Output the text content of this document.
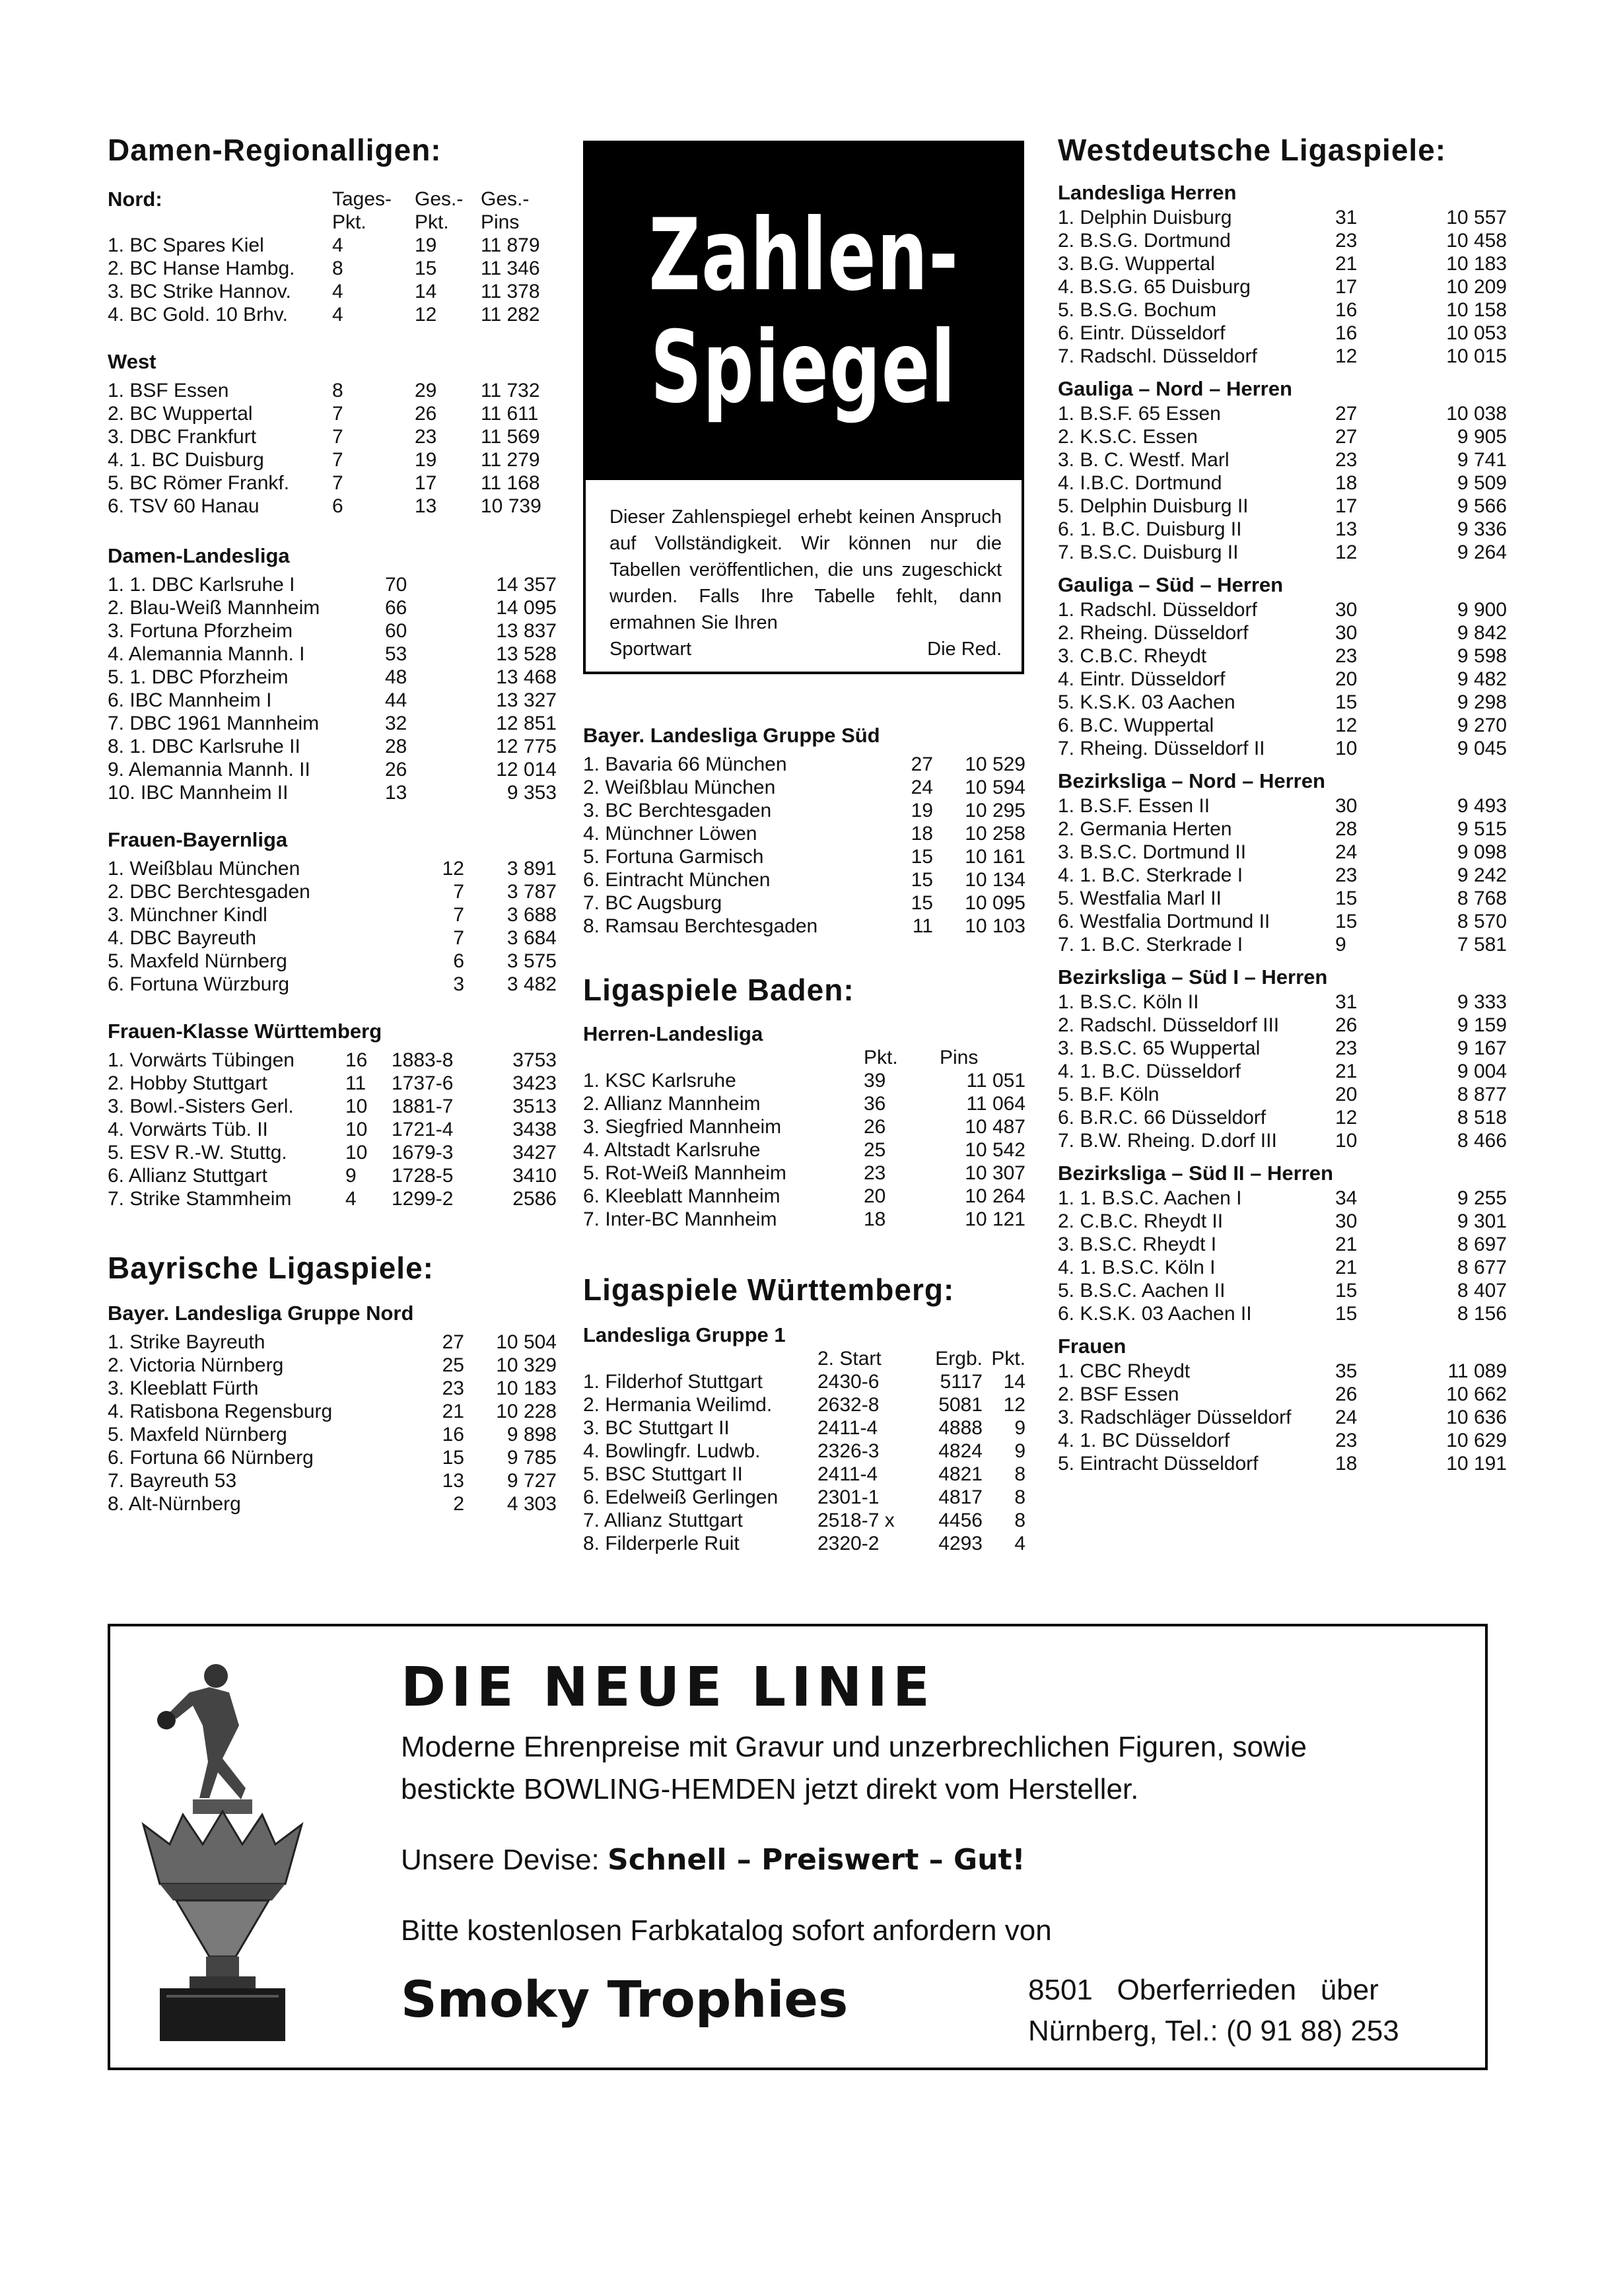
Damen-Regionalligen:
Nord:	Tages-	Ges.-	Ges.-
	Pkt.	Pkt.	Pins
1. BC Spares Kiel	4	19	11 879
2. BC Hanse Hambg.	8	15	11 346
3. BC Strike Hannov.	4	14	11 378
4. BC Gold. 10 Brhv.	4	12	11 282
West
1. BSF Essen	8	29	11 732
2. BC Wuppertal	7	26	11 611
3. DBC Frankfurt	7	23	11 569
4. 1. BC Duisburg	7	19	11 279
5. BC Römer Frankf.	7	17	11 168
6. TSV 60 Hanau	6	13	10 739
Damen-Landesliga
1. 1. DBC Karlsruhe I	70	14 357
2. Blau-Weiß Mannheim	66	14 095
3. Fortuna Pforzheim	60	13 837
4. Alemannia Mannh. I	53	13 528
5. 1. DBC Pforzheim	48	13 468
6. IBC Mannheim I	44	13 327
7. DBC 1961 Mannheim	32	12 851
8. 1. DBC Karlsruhe II	28	12 775
9. Alemannia Mannh. II	26	12 014
10. IBC Mannheim II	13	9 353
Frauen-Bayernliga
1. Weißblau München	12	3 891
2. DBC Berchtesgaden	7	3 787
3. Münchner Kindl	7	3 688
4. DBC Bayreuth	7	3 684
5. Maxfeld Nürnberg	6	3 575
6. Fortuna Würzburg	3	3 482
Frauen-Klasse Württemberg
1. Vorwärts Tübingen	16	1883-8	3753
2. Hobby Stuttgart	11	1737-6	3423
3. Bowl.-Sisters Gerl.	10	1881-7	3513
4. Vorwärts Tüb. II	10	1721-4	3438
5. ESV R.-W. Stuttg.	10	1679-3	3427
6. Allianz Stuttgart	9	1728-5	3410
7. Strike Stammheim	4	1299-2	2586
Bayrische Ligaspiele:
Bayer. Landesliga Gruppe Nord
1. Strike Bayreuth	27	10 504
2. Victoria Nürnberg	25	10 329
3. Kleeblatt Fürth	23	10 183
4. Ratisbona Regensburg	21	10 228
5. Maxfeld Nürnberg	16	9 898
6. Fortuna 66 Nürnberg	15	9 785
7. Bayreuth 53	13	9 727
8. Alt-Nürnberg	2	4 303
Zahlen-
Spiegel
Dieser Zahlenspiegel erhebt keinen Anspruch auf Vollständigkeit. Wir können nur die Tabellen veröffentlichen, die uns zugeschickt wurden. Falls Ihre Tabelle fehlt, dann ermahnen Sie Ihren
Sportwart	Die Red.
Bayer. Landesliga Gruppe Süd
1. Bavaria 66 München	27	10 529
2. Weißblau München	24	10 594
3. BC Berchtesgaden	19	10 295
4. Münchner Löwen	18	10 258
5. Fortuna Garmisch	15	10 161
6. Eintracht München	15	10 134
7. BC Augsburg	15	10 095
8. Ramsau Berchtesgaden	11	10 103
Ligaspiele Baden:
Herren-Landesliga
	Pkt.	Pins
1. KSC Karlsruhe	39	11 051
2. Allianz Mannheim	36	11 064
3. Siegfried Mannheim	26	10 487
4. Altstadt Karlsruhe	25	10 542
5. Rot-Weiß Mannheim	23	10 307
6. Kleeblatt Mannheim	20	10 264
7. Inter-BC Mannheim	18	10 121
Ligaspiele Württemberg:
Landesliga Gruppe 1
	2. Start	Ergb.	Pkt.
1. Filderhof Stuttgart	2430-6	5117	14
2. Hermania Weilimd.	2632-8	5081	12
3. BC Stuttgart II	2411-4	4888	9
4. Bowlingfr. Ludwb.	2326-3	4824	9
5. BSC Stuttgart II	2411-4	4821	8
6. Edelweiß Gerlingen	2301-1	4817	8
7. Allianz Stuttgart	2518-7 x	4456	8
8. Filderperle Ruit	2320-2	4293	4
Westdeutsche Ligaspiele:
Landesliga Herren
1. Delphin Duisburg	31	10 557
2. B.S.G. Dortmund	23	10 458
3. B.G. Wuppertal	21	10 183
4. B.S.G. 65 Duisburg	17	10 209
5. B.S.G. Bochum	16	10 158
6. Eintr. Düsseldorf	16	10 053
7. Radschl. Düsseldorf	12	10 015
Gauliga – Nord – Herren
1. B.S.F. 65 Essen	27	10 038
2. K.S.C. Essen	27	9 905
3. B. C. Westf. Marl	23	9 741
4. I.B.C. Dortmund	18	9 509
5. Delphin Duisburg II	17	9 566
6. 1. B.C. Duisburg II	13	9 336
7. B.S.C. Duisburg II	12	9 264
Gauliga – Süd – Herren
1. Radschl. Düsseldorf	30	9 900
2. Rheing. Düsseldorf	30	9 842
3. C.B.C. Rheydt	23	9 598
4. Eintr. Düsseldorf	20	9 482
5. K.S.K. 03 Aachen	15	9 298
6. B.C. Wuppertal	12	9 270
7. Rheing. Düsseldorf II	10	9 045
Bezirksliga – Nord – Herren
1. B.S.F. Essen II	30	9 493
2. Germania Herten	28	9 515
3. B.S.C. Dortmund II	24	9 098
4. 1. B.C. Sterkrade I	23	9 242
5. Westfalia Marl II	15	8 768
6. Westfalia Dortmund II	15	8 570
7. 1. B.C. Sterkrade I	9	7 581
Bezirksliga – Süd I – Herren
1. B.S.C. Köln II	31	9 333
2. Radschl. Düsseldorf III	26	9 159
3. B.S.C. 65 Wuppertal	23	9 167
4. 1. B.C. Düsseldorf	21	9 004
5. B.F. Köln	20	8 877
6. B.R.C. 66 Düsseldorf	12	8 518
7. B.W. Rheing. D.dorf III	10	8 466
Bezirksliga – Süd II – Herren
1. 1. B.S.C. Aachen I	34	9 255
2. C.B.C. Rheydt II	30	9 301
3. B.S.C. Rheydt I	21	8 697
4. 1. B.S.C. Köln I	21	8 677
5. B.S.C. Aachen II	15	8 407
6. K.S.K. 03 Aachen II	15	8 156
Frauen
1. CBC Rheydt	35	11 089
2. BSF Essen	26	10 662
3. Radschläger Düsseldorf	24	10 636
4. 1. BC Düsseldorf	23	10 629
5. Eintracht Düsseldorf	18	10 191
DIE NEUE LINIE
Moderne Ehrenpreise mit Gravur und unzerbrechlichen Figuren, sowie
bestickte BOWLING-HEMDEN jetzt direkt vom Hersteller.
Unsere Devise: Schnell – Preiswert – Gut!
Bitte kostenlosen Farbkatalog sofort anfordern von
Smoky Trophies	8501   Oberferrieden   über
Nürnberg, Tel.: (0 91 88) 253
